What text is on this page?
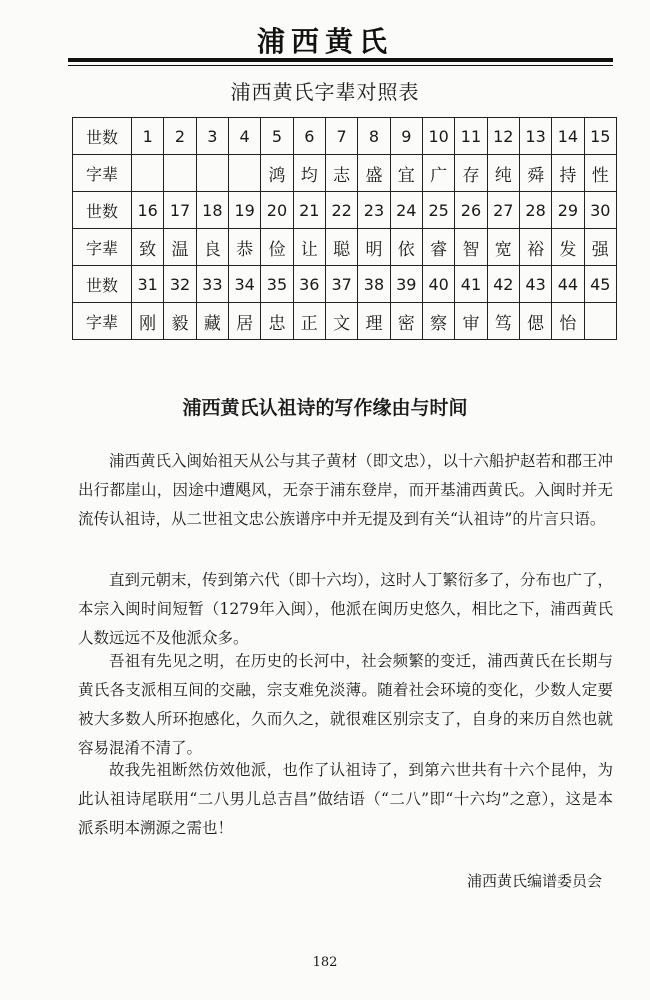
浦西黄氏
浦西黄氏字辈对照表
世数	1	2	3	4	5	6	7	8	9	10	11	12	13	14	15
字辈					鸿	均	志	盛	宜	广	存	纯	舜	持	性
世数	16	17	18	19	20	21	22	23	24	25	26	27	28	29	30
字辈	致	温	良	恭	俭	让	聪	明	依	睿	智	宽	裕	发	强
世数	31	32	33	34	35	36	37	38	39	40	41	42	43	44	45
字辈	刚	毅	藏	居	忠	正	文	理	密	察	审	笃	偲	怡	
浦西黄氏认祖诗的写作缘由与时间

浦西黄氏入闽始祖天从公与其子黄材（即文忠），以十六船护赵若和郡王冲出行都崖山，因途中遭飓风，无奈于浦东登岸，而开基浦西黄氏。入闽时并无流传认祖诗，从二世祖文忠公族谱序中并无提及到有关“认祖诗”的片言只语。

直到元朝末，传到第六代（即十六均），这时人丁繁衍多了，分布也广了，本宗入闽时间短暂（1279年入闽），他派在闽历史悠久，相比之下，浦西黄氏人数远远不及他派众多。

吾祖有先见之明，在历史的长河中，社会频繁的变迁，浦西黄氏在长期与黄氏各支派相互间的交融，宗支难免淡薄。随着社会环境的变化，少数人定要被大多数人所环抱感化，久而久之，就很难区别宗支了，自身的来历自然也就容易混淆不清了。

故我先祖断然仿效他派，也作了认祖诗了，到第六世共有十六个昆仲，为此认祖诗尾联用“二八男儿总吉昌”做结语（“二八”即“十六均”之意），这是本派系明本溯源之需也！

浦西黄氏编谱委员会
182
